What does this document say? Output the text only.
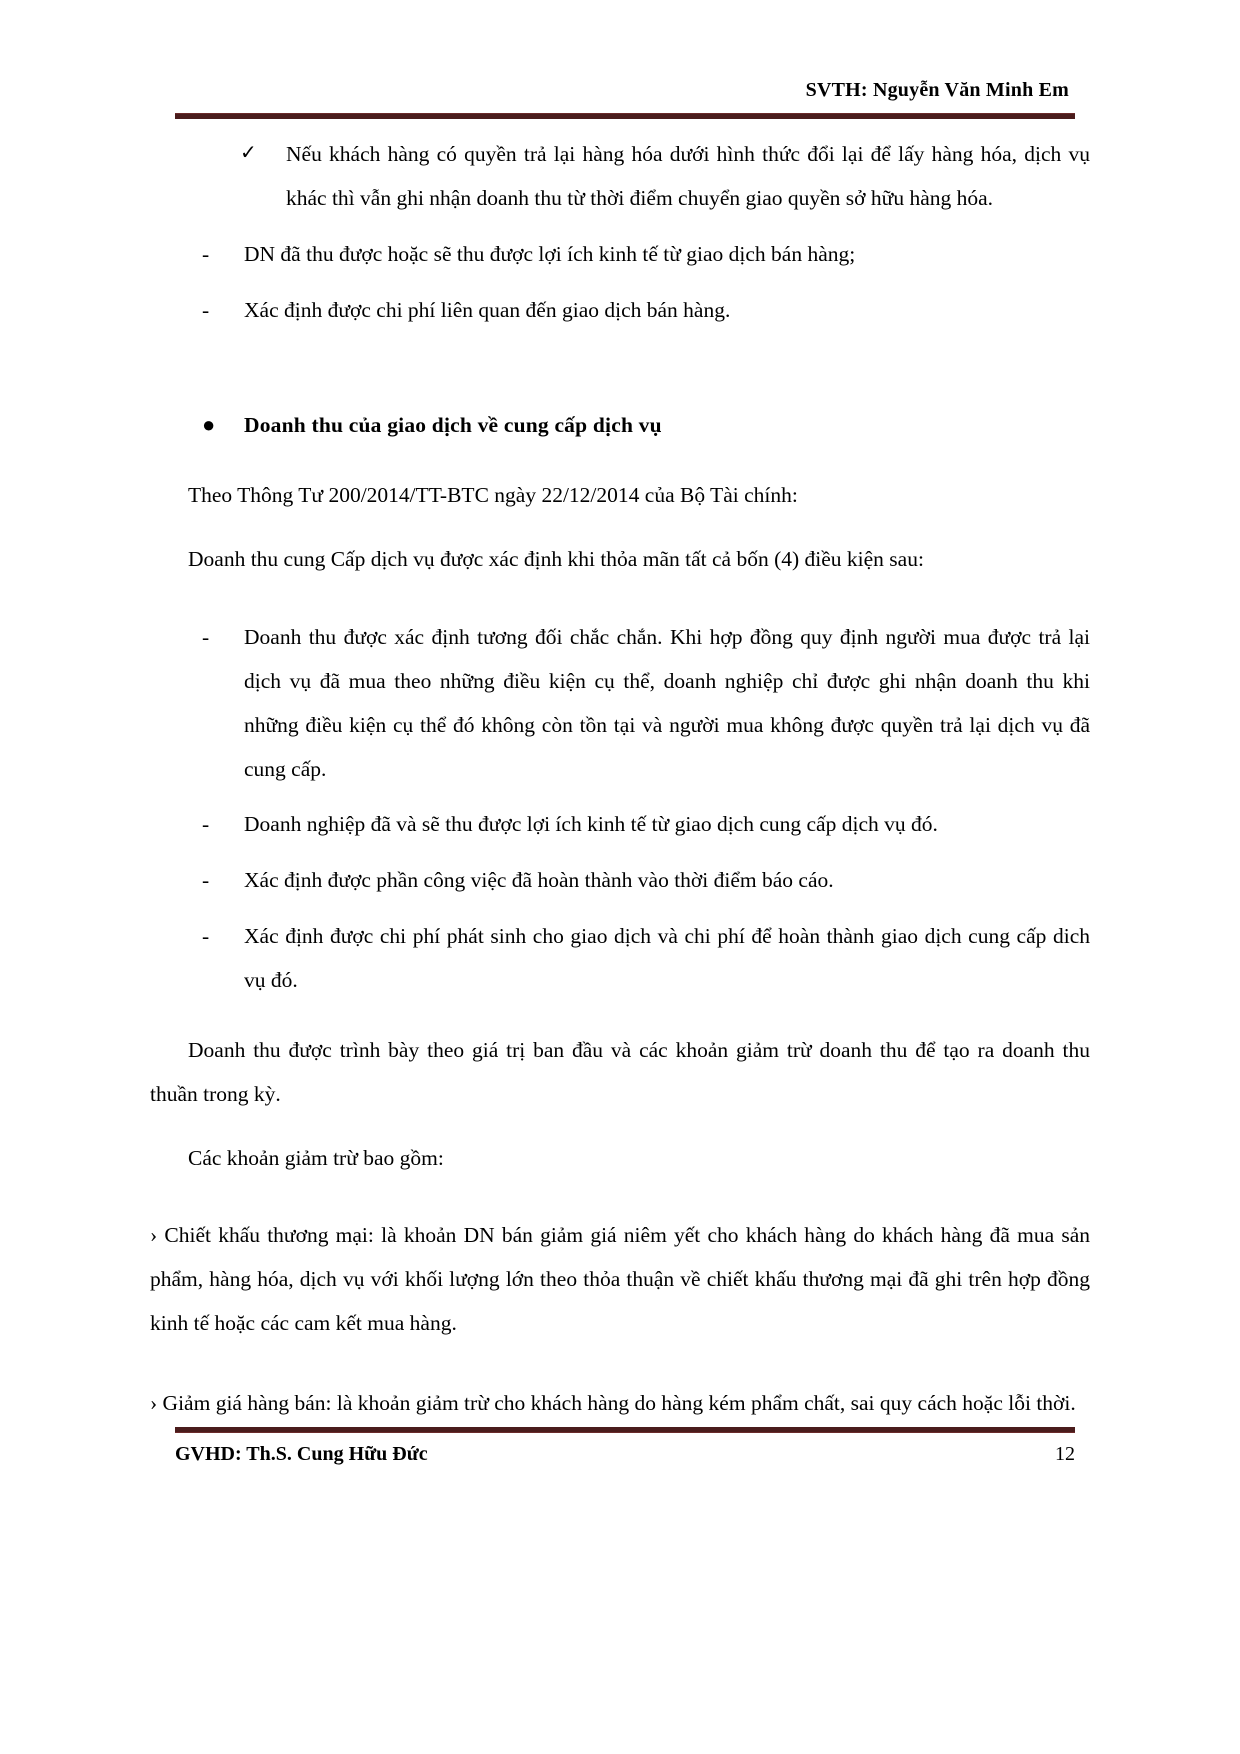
SVTH: Nguyễn Văn Minh Em
✓	Nếu khách hàng có quyền trả lại hàng hóa dưới hình thức đổi lại để lấy hàng hóa, dịch vụ khác thì vẫn ghi nhận doanh thu từ thời điểm chuyển giao quyền sở hữu hàng hóa.
-	DN đã thu được hoặc sẽ thu được lợi ích kinh tế từ giao dịch bán hàng;
-	Xác định được chi phí liên quan đến giao dịch bán hàng.
●	Doanh thu của giao dịch về cung cấp dịch vụ

Theo Thông Tư 200/2014/TT-BTC ngày 22/12/2014 của Bộ Tài chính:

Doanh thu cung Cấp dịch vụ được xác định khi thỏa mãn tất cả bốn (4) điều kiện sau:

-	Doanh thu được xác định tương đối chắc chắn. Khi hợp đồng quy định người mua được trả lại dịch vụ đã mua theo những điều kiện cụ thể, doanh nghiệp chỉ được ghi nhận doanh thu khi những điều kiện cụ thể đó không còn tồn tại và người mua không được quyền trả lại dịch vụ đã cung cấp.
-	Doanh nghiệp đã và sẽ thu được lợi ích kinh tế từ giao dịch cung cấp dịch vụ đó.
-	Xác định được phần công việc đã hoàn thành vào thời điểm báo cáo.
-	Xác định được chi phí phát sinh cho giao dịch và chi phí để hoàn thành giao dịch cung cấp dich vụ đó.

Doanh thu được trình bày theo giá trị ban đầu và các khoản giảm trừ doanh thu để tạo ra doanh thu thuần trong kỳ.

Các khoản giảm trừ bao gồm:

› Chiết khấu thương mại: là khoản DN bán giảm giá niêm yết cho khách hàng do khách hàng đã mua sản phẩm, hàng hóa, dịch vụ với khối lượng lớn theo thỏa thuận về chiết khấu thương mại đã ghi trên hợp đồng kinh tế hoặc các cam kết mua hàng.

› Giảm giá hàng bán: là khoản giảm trừ cho khách hàng do hàng kém phẩm chất, sai quy cách hoặc lỗi thời.

GVHD: Th.S. Cung Hữu Đức	12
